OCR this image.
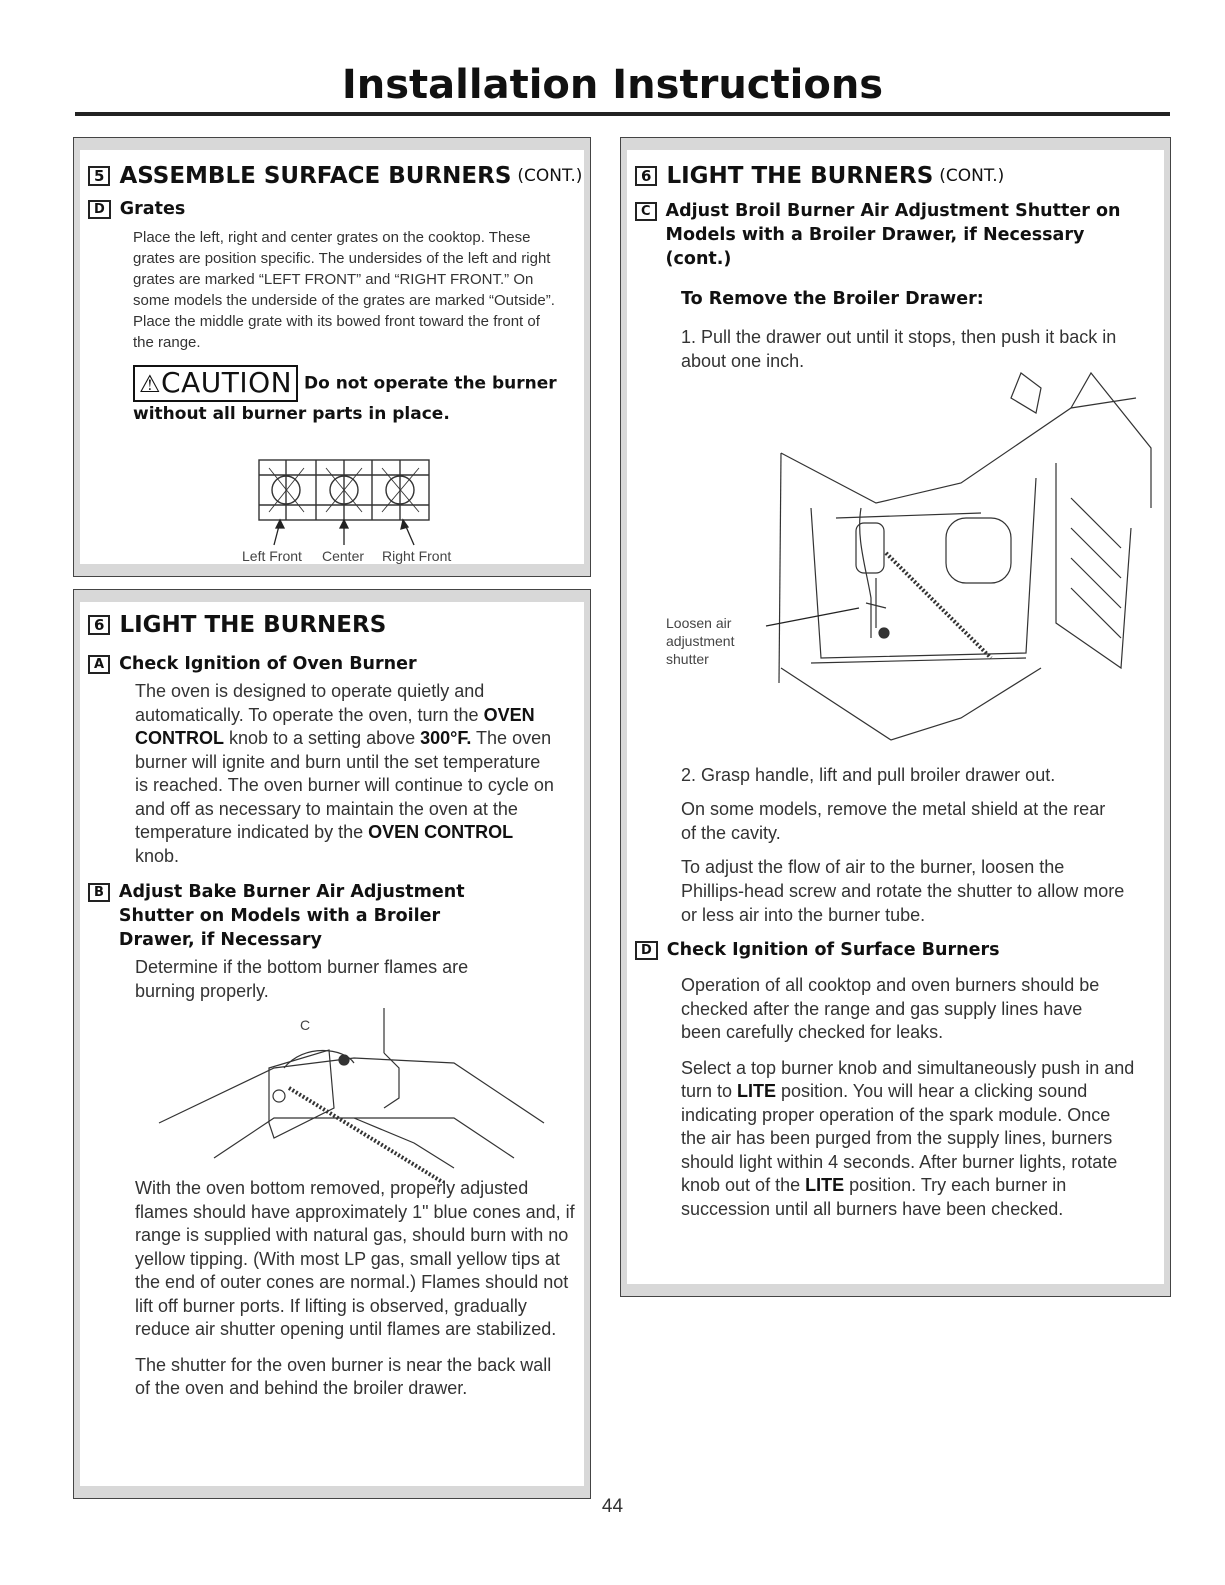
Installation Instructions
5 ASSEMBLE SURFACE BURNERS (CONT.)
D Grates

Place the left, right and center grates on the cooktop. These grates are position specific. The undersides of the left and right grates are marked “LEFT FRONT” and “RIGHT FRONT.” On some models the underside of the grates are marked “Outside”. Place the middle grate with its bowed front toward the front of the range.

⚠CAUTION Do not operate the burner
without all burner parts in place.
Left Front Center Right Front
6 LIGHT THE BURNERS
A Check Ignition of Oven Burner

The oven is designed to operate quietly and automatically. To operate the oven, turn the OVEN CONTROL knob to a setting above 300°F. The oven burner will ignite and burn until the set temperature is reached. The oven burner will continue to cycle on and off as necessary to maintain the oven at the temperature indicated by the OVEN CONTROL knob.

B Adjust Bake Burner Air Adjustment Shutter on Models with a Broiler Drawer, if Necessary

Determine if the bottom burner flames are burning properly.

C

With the oven bottom removed, properly adjusted flames should have approximately 1" blue cones and, if range is supplied with natural gas, should burn with no yellow tipping. (With most LP gas, small yellow tips at the end of outer cones are normal.) Flames should not lift off burner ports. If lifting is observed, gradually reduce air shutter opening until flames are stabilized.

The shutter for the oven burner is near the back wall of the oven and behind the broiler drawer.

6 LIGHT THE BURNERS (CONT.)
C Adjust Broil Burner Air Adjustment Shutter on Models with a Broiler Drawer, if Necessary (cont.)

To Remove the Broiler Drawer:

1. Pull the drawer out until it stops, then push it back in about one inch.

Loosen air
adjustment
shutter

2. Grasp handle, lift and pull broiler drawer out.

On some models, remove the metal shield at the rear of the cavity.

To adjust the flow of air to the burner, loosen the Phillips-head screw and rotate the shutter to allow more or less air into the burner tube.

D Check Ignition of Surface Burners

Operation of all cooktop and oven burners should be checked after the range and gas supply lines have been carefully checked for leaks.

Select a top burner knob and simultaneously push in and turn to LITE position. You will hear a clicking sound indicating proper operation of the spark module. Once the air has been purged from the supply lines, burners should light within 4 seconds. After burner lights, rotate knob out of the LITE position. Try each burner in succession until all burners have been checked.

44
